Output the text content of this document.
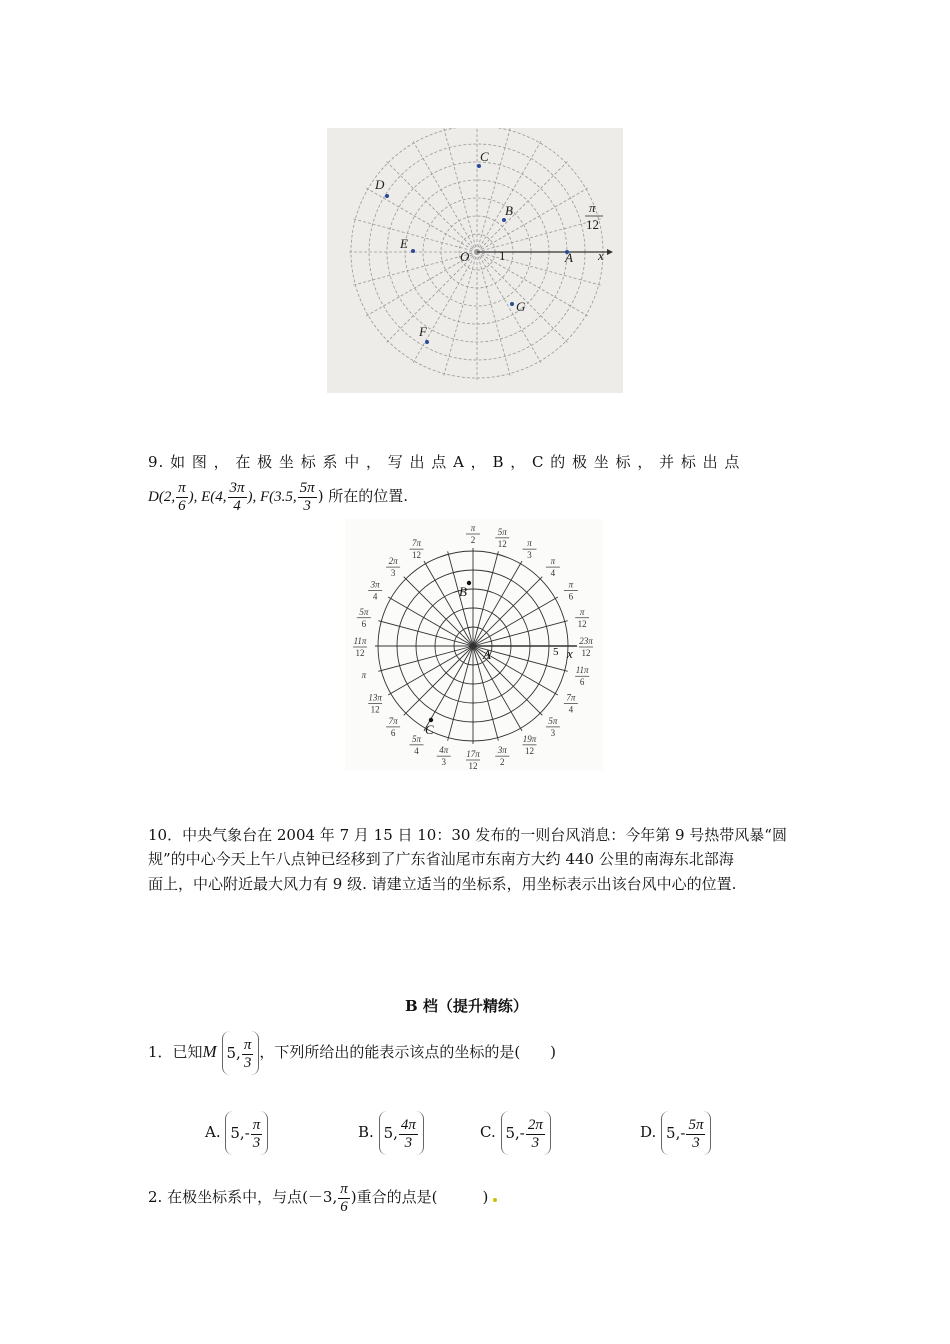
C
D
B
E
O 1	A x
G
F
π
12
9. 如 图 ， 在 极 坐 标 系 中 ， 写 出 点 A ， B ， C 的 极 坐 标 ， 并 标 出 点
D(2, $\frac{\pi}{6}$ ), E(4, $\frac{3\pi}{4}$ ), F(3.5, $\frac{5\pi}{3}$ ) 所在的位置.
π
2
5π
12 π
3
π
4
π
6
π
12
23π
12
11π
6
7π
4
5π
3
19π
12
3π
2
17π
12
4π
3
5π
4
7π
6
13π
12
π
11π
12
5π
6
3π
4
2π
3
7π
12
B
A
C
5 x
10．中央气象台在 2004 年 7 月 15 日 10：30 发布的一则台风消息：今年第 9 号热带风暴“圆
规”的中心今天上午八点钟已经移到了广东省汕尾市东南方大约 440 公里的南海东北部海
面上，中心附近最大风力有 9 级. 请建立适当的坐标系，用坐标表示出该台风中心的位置.
B 档（提升精练）
1．已知M 5, $\frac{\pi}{3}$ ，下列所给出的能表示该点的坐标的是(　　)
A. $5,- \frac{\pi}{3}$	B. 5, $\frac{4\pi}{3}$	C. $5,- \frac{2\pi}{3}$	D. $5,- \frac{5\pi}{3}$
2. 在极坐标系中，与点(－3, $\frac{\pi}{6}$ )重合的点是(　　　)
